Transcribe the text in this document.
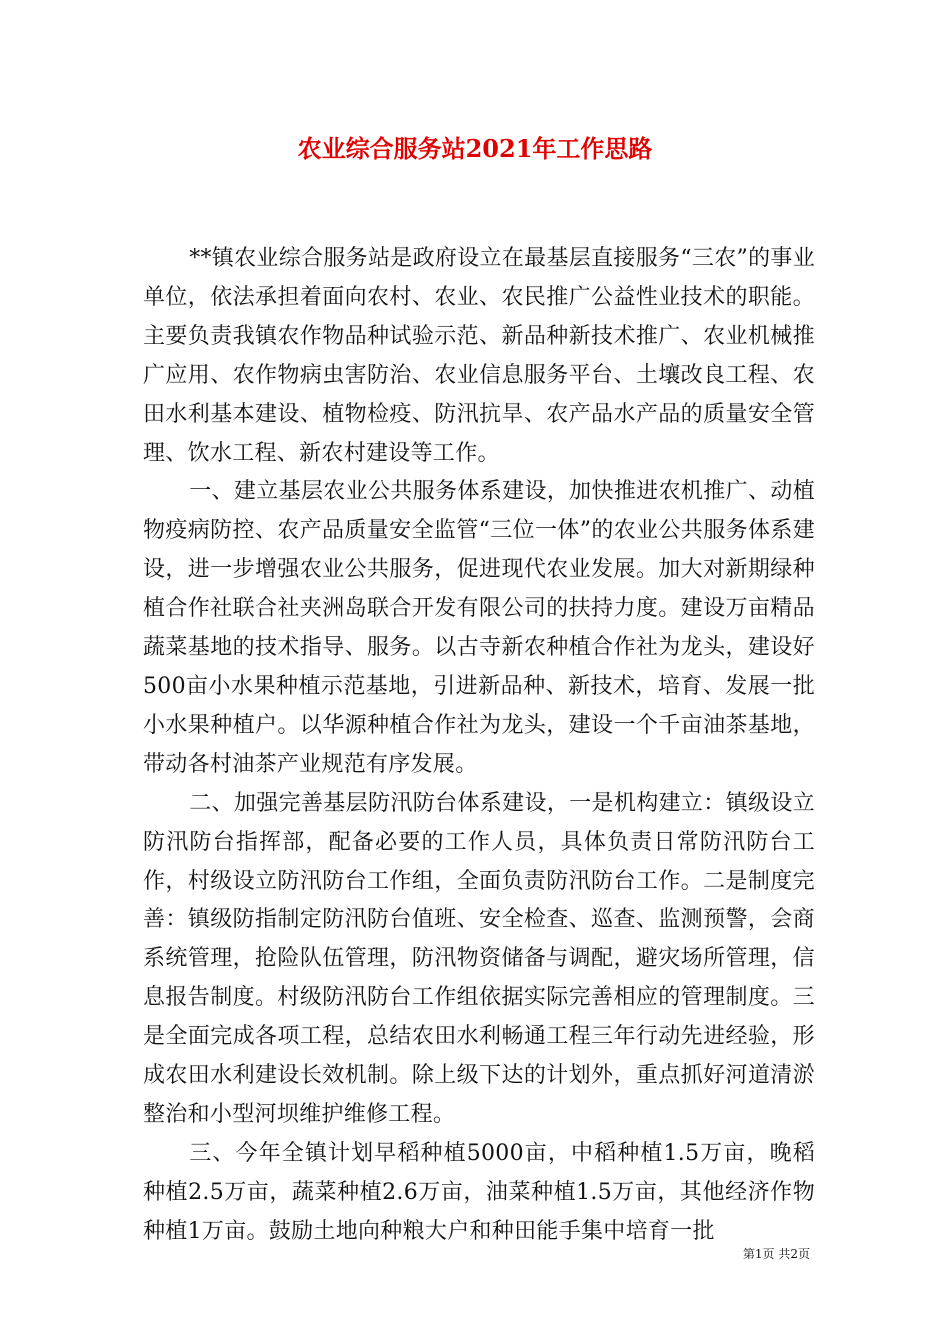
农业综合服务站2021年工作思路

**镇农业综合服务站是政府设立在最基层直接服务“三农”的事业单位，依法承担着面向农村、农业、农民推广公益性业技术的职能。主要负责我镇农作物品种试验示范、新品种新技术推广、农业机械推广应用、农作物病虫害防治、农业信息服务平台、土壤改良工程、农田水利基本建设、植物检疫、防汛抗旱、农产品水产品的质量安全管理、饮水工程、新农村建设等工作。

一、建立基层农业公共服务体系建设，加快推进农机推广、动植物疫病防控、农产品质量安全监管“三位一体”的农业公共服务体系建设，进一步增强农业公共服务，促进现代农业发展。加大对新期绿种植合作社联合社夹洲岛联合开发有限公司的扶持力度。建设万亩精品蔬菜基地的技术指导、服务。以古寺新农种植合作社为龙头，建设好500亩小水果种植示范基地，引进新品种、新技术，培育、发展一批小水果种植户。以华源种植合作社为龙头，建设一个千亩油茶基地，带动各村油茶产业规范有序发展。

二、加强完善基层防汛防台体系建设，一是机构建立：镇级设立防汛防台指挥部，配备必要的工作人员，具体负责日常防汛防台工作，村级设立防汛防台工作组，全面负责防汛防台工作。二是制度完善：镇级防指制定防汛防台值班、安全检查、巡查、监测预警，会商系统管理，抢险队伍管理，防汛物资储备与调配，避灾场所管理，信息报告制度。村级防汛防台工作组依据实际完善相应的管理制度。三是全面完成各项工程，总结农田水利畅通工程三年行动先进经验，形成农田水利建设长效机制。除上级下达的计划外，重点抓好河道清淤整治和小型河坝维护维修工程。

三、今年全镇计划早稻种植5000亩，中稻种植1.5万亩，晚稻种植2.5万亩，蔬菜种植2.6万亩，油菜种植1.5万亩，其他经济作物种植1万亩。鼓励土地向种粮大户和种田能手集中培育一批

第1页 共2页
